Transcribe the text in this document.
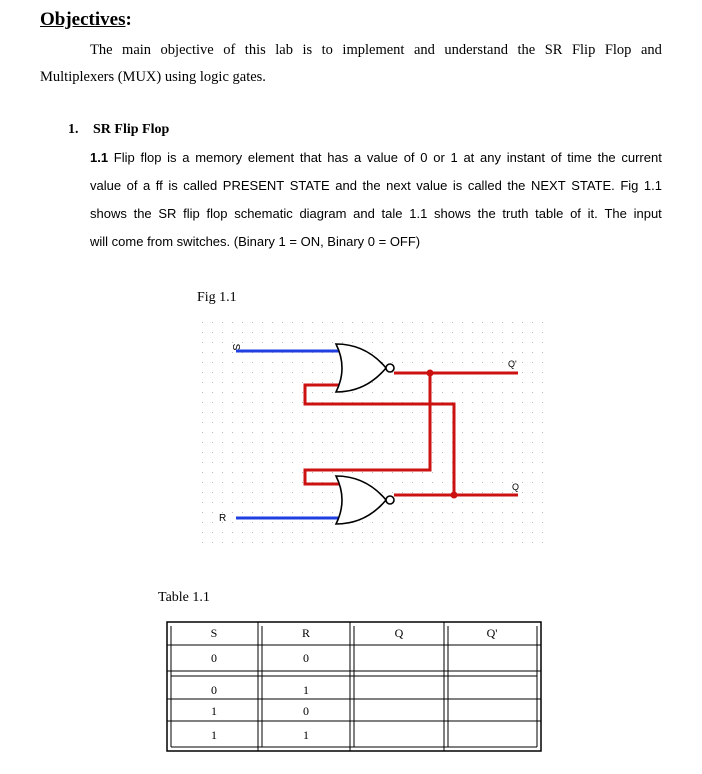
Objectives:
The main objective of this lab is to implement and understand the SR Flip Flop and
Multiplexers (MUX) using logic gates.
1. SR Flip Flop
1.1 Flip flop is a memory element that has a value of 0 or 1 at any instant of time the current
value of a ff is called PRESENT STATE and the next value is called the NEXT STATE. Fig 1.1
shows the SR flip flop schematic diagram and tale 1.1 shows the truth table of it. The input
will come from switches. (Binary 1 = ON, Binary 0 = OFF)
Fig 1.1
S
R
Q'
Q
Table 1.1
S	R	Q	Q'
0	0
0	1
1	0
1	1
